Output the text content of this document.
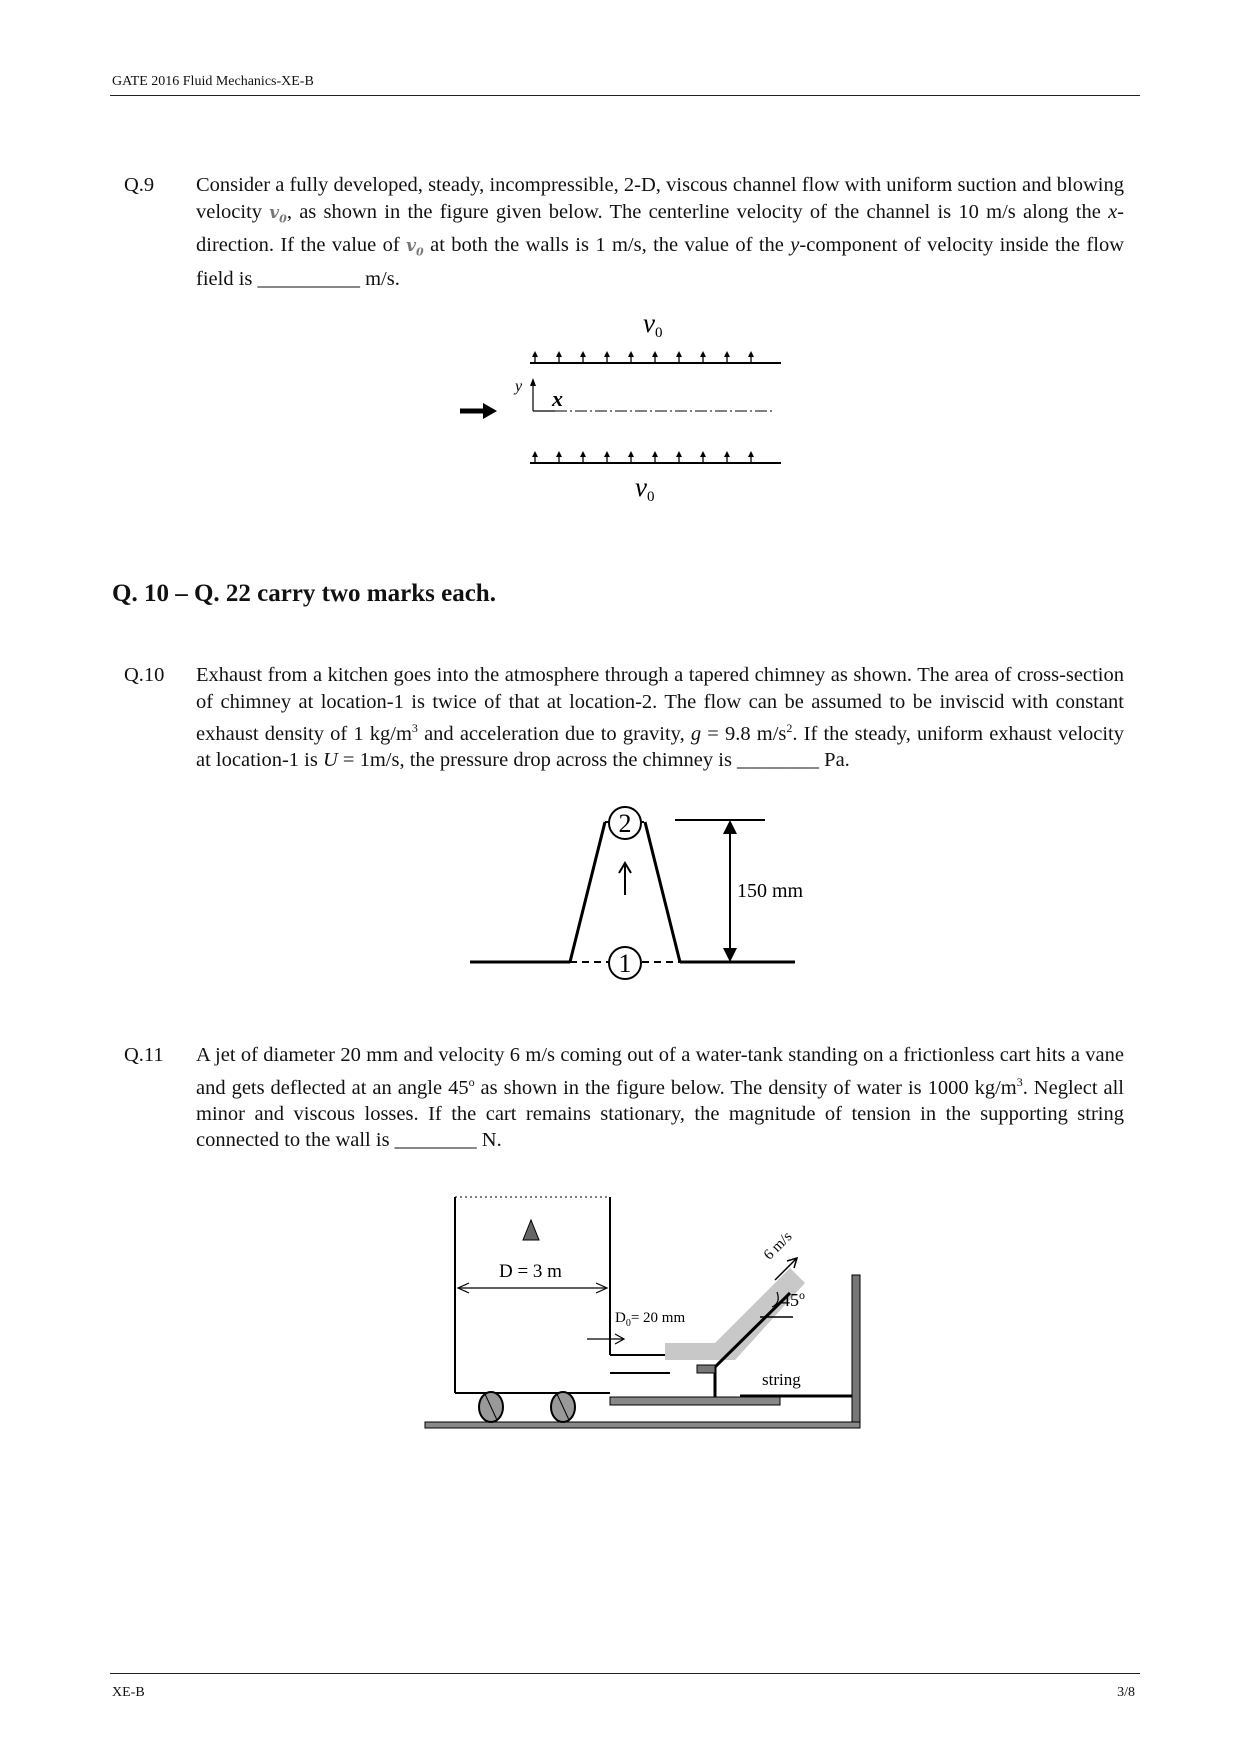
GATE 2016 Fluid Mechanics-XE-B
Q.9	Consider a fully developed, steady, incompressible, 2-D, viscous channel flow with uniform suction and blowing velocity $v_0$, as shown in the figure given below. The centerline velocity of the channel is 10 m/s along the x-direction. If the value of $v_0$ at both the walls is 1 m/s, the value of the y-component of velocity inside the flow field is __________ m/s.
v0
v0
y x
Q. 10 – Q. 22 carry two marks each.
Q.10	Exhaust from a kitchen goes into the atmosphere through a tapered chimney as shown. The area of cross-section of chimney at location-1 is twice of that at location-2. The flow can be assumed to be inviscid with constant exhaust density of 1 $kg/m^3$ and acceleration due to gravity, g = 9.8 $m/s^2$. If the steady, uniform exhaust velocity at location-1 is U = 1m/s, the pressure drop across the chimney is ________ Pa.
2
1
150 mm
Q.11	A jet of diameter 20 mm and velocity 6 m/s coming out of a water-tank standing on a frictionless cart hits a vane and gets deflected at an angle 45$^o$ as shown in the figure below. The density of water is 1000 $kg/m^3$. Neglect all minor and viscous losses. If the cart remains stationary, the magnitude of tension in the supporting string connected to the wall is ________ N.
D = 3 m
$D_0= 20$ mm
string
6 m/s
45$^o$
XE-B	3/8
